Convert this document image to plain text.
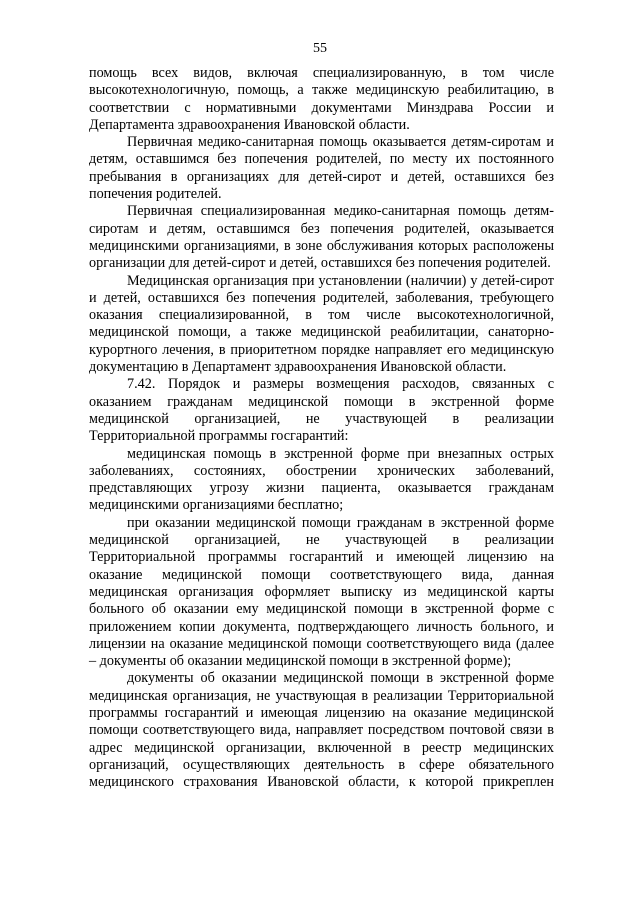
55

помощь всех видов, включая специализированную, в том числе высокотехнологичную, помощь, а также медицинскую реабилитацию, в соответствии с нормативными документами Минздрава России и Департамента здравоохранения Ивановской области.

Первичная медико-санитарная помощь оказывается детям-сиротам и детям, оставшимся без попечения родителей, по месту их постоянного пребывания в организациях для детей-сирот и детей, оставшихся без попечения родителей.

Первичная специализированная медико-санитарная помощь детям-сиротам и детям, оставшимся без попечения родителей, оказывается медицинскими организациями, в зоне обслуживания которых расположены организации для детей-сирот и детей, оставшихся без попечения родителей.

Медицинская организация при установлении (наличии) у детей-сирот и детей, оставшихся без попечения родителей, заболевания, требующего оказания специализированной, в том числе высокотехнологичной, медицинской помощи, а также медицинской реабилитации, санаторно-курортного лечения, в приоритетном порядке направляет его медицинскую документацию в Департамент здравоохранения Ивановской области.

7.42. Порядок и размеры возмещения расходов, связанных с оказанием гражданам медицинской помощи в экстренной форме медицинской организацией, не участвующей в реализации Территориальной программы госгарантий:

медицинская помощь в экстренной форме при внезапных острых заболеваниях, состояниях, обострении хронических заболеваний, представляющих угрозу жизни пациента, оказывается гражданам медицинскими организациями бесплатно;

при оказании медицинской помощи гражданам в экстренной форме медицинской организацией, не участвующей в реализации Территориальной программы госгарантий и имеющей лицензию на оказание медицинской помощи соответствующего вида, данная медицинская организация оформляет выписку из медицинской карты больного об оказании ему медицинской помощи в экстренной форме с приложением копии документа, подтверждающего личность больного, и лицензии на оказание медицинской помощи соответствующего вида (далее – документы об оказании медицинской помощи в экстренной форме);

документы об оказании медицинской помощи в экстренной форме медицинская организация, не участвующая в реализации Территориальной программы госгарантий и имеющая лицензию на оказание медицинской помощи соответствующего вида, направляет посредством почтовой связи в адрес медицинской организации, включенной в реестр медицинских организаций, осуществляющих деятельность в сфере обязательного медицинского страхования Ивановской области, к которой прикреплен
